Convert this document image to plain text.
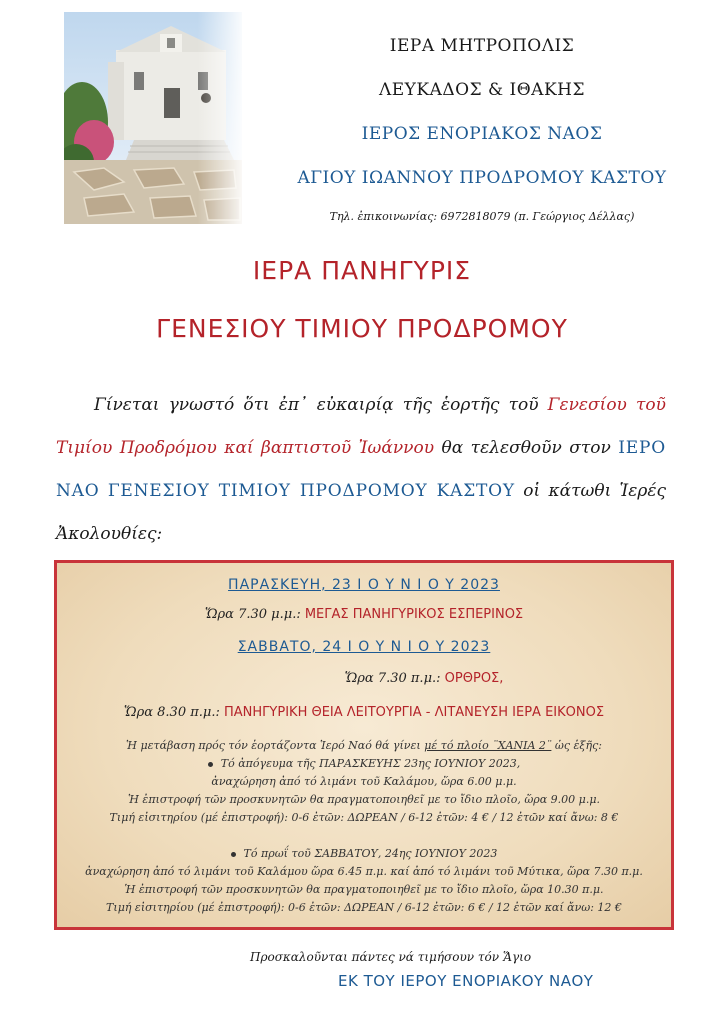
ΙΕΡΑ ΜΗΤΡΟΠΟΛΙΣ
ΛΕΥΚΑΔΟΣ & ΙΘΑΚΗΣ
ΙΕΡΟΣ ΕΝΟΡΙΑΚΟΣ ΝΑΟΣ
ΑΓΙΟΥ ΙΩΑΝΝΟΥ ΠΡΟΔΡΟΜΟΥ ΚΑΣΤΟΥ
Τηλ. ἐπικοινωνίας: 6972818079 (π. Γεώργιος Δέλλας)
ΙΕΡΑ ΠΑΝΗΓΥΡΙΣ
ΓΕΝΕΣΙΟΥ ΤΙΜΙΟΥ ΠΡΟΔΡΟΜΟΥ
Γίνεται γνωστό ὅτι ἐπ᾽ εὐκαιρίᾳ τῆς ἑορτῆς τοῦ Γενεσίου τοῦ Τιμίου Προδρόμου καί βαπτιστοῦ Ἰωάννου θα τελεσθοῦν στον ΙΕΡΟ ΝΑΟ ΓΕΝΕΣΙΟΥ ΤΙΜΙΟΥ ΠΡΟΔΡΟΜΟΥ ΚΑΣΤΟΥ οἱ κάτωθι Ἱερές Ἀκολουθίες:
ΠΑΡΑΣΚΕΥΗ, 23 Ι Ο Υ Ν Ι Ο Υ 2023
Ὥρα 7.30 μ.μ.: ΜΕΓΑΣ ΠΑΝΗΓΥΡΙΚΟΣ ΕΣΠΕΡΙΝΟΣ
ΣΑΒΒΑΤΟ, 24 Ι Ο Υ Ν Ι Ο Υ 2023
Ὥρα 7.30 π.μ.: ΟΡΘΡΟΣ,
Ὥρα 8.30 π.μ.: ΠΑΝΗΓΥΡΙΚΗ ΘΕΙΑ ΛΕΙΤΟΥΡΓΙΑ - ΛΙΤΑΝΕΥΣΗ ΙΕΡΑ ΕΙΚΟΝΟΣ
Ἡ μετάβαση πρός τόν ἑορτάζοντα Ἱερό Ναό θά γίνει μέ τό πλοίο ¨ΧΑΝΙΑ 2¨ ὡς ἑξῆς:
Τό ἀπόγευμα τῆς ΠΑΡΑΣΚΕΥΗΣ 23ης ΙΟΥΝΙΟΥ 2023,
ἀναχώρηση ἀπό τό λιμάνι τοῦ Καλάμου, ὥρα 6.00 μ.μ.
Ἡ ἐπιστροφή τῶν προσκυνητῶν θα πραγματοποιηθεῖ με το ἴδιο πλοῖο, ὥρα 9.00 μ.μ.
Τιμή εἰσιτηρίου (μέ ἐπιστροφή): 0-6 ἐτῶν: ΔΩΡΕΑΝ / 6-12 ἐτῶν: 4 € / 12 ἐτῶν καί ἄνω: 8 €
Τό πρωΐ τοῦ ΣΑΒΒΑΤΟΥ, 24ης ΙΟΥΝΙΟΥ 2023
ἀναχώρηση ἀπό τό λιμάνι τοῦ Καλάμου ὥρα 6.45 π.μ. καί ἀπό τό λιμάνι τοῦ Μύτικα, ὥρα 7.30 π.μ.
Ἡ ἐπιστροφή τῶν προσκυνητῶν θα πραγματοποιηθεῖ με το ἴδιο πλοῖο, ὥρα 10.30 π.μ.
Τιμή εἰσιτηρίου (μέ ἐπιστροφή): 0-6 ἐτῶν: ΔΩΡΕΑΝ / 6-12 ἐτῶν: 6 € / 12 ἐτῶν καί ἄνω: 12 €
Προσκαλοῦνται πάντες νά τιμήσουν τόν Ἅγιο
ΕΚ ΤΟΥ ΙΕΡΟΥ ΕΝΟΡΙΑΚΟΥ ΝΑΟΥ
